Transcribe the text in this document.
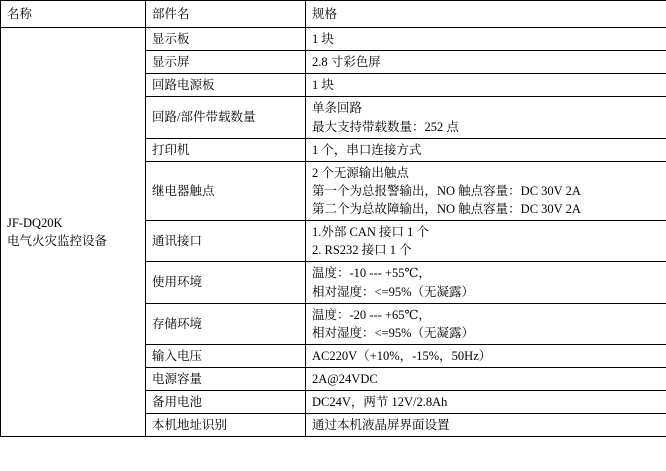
名称	部件名	规格

JF-DQ20K
电气火灾监控设备	显示板	1 块

	显示屏	2.8 寸彩色屏

	回路电源板	1 块

	回路/部件带载数量	单条回路
最大支持带载数量：252 点

	打印机	1 个，串口连接方式

	继电器触点	2 个无源输出触点
第一个为总报警输出，NO 触点容量：DC 30V 2A
第二个为总故障输出，NO 触点容量：DC 30V 2A

	通讯接口	1.外部 CAN 接口 1 个
2. RS232 接口 1 个

	使用环境	温度：-10 --- +55℃，
相对湿度：<=95%（无凝露）

	存储环境	温度：-20 --- +65℃，
相对湿度：<=95%（无凝露）

	输入电压	AC220V（+10%，-15%，50Hz）

	电源容量	2A@24VDC

	备用电池	DC24V，两节 12V/2.8Ah

	本机地址识别	通过本机液晶屏界面设置
